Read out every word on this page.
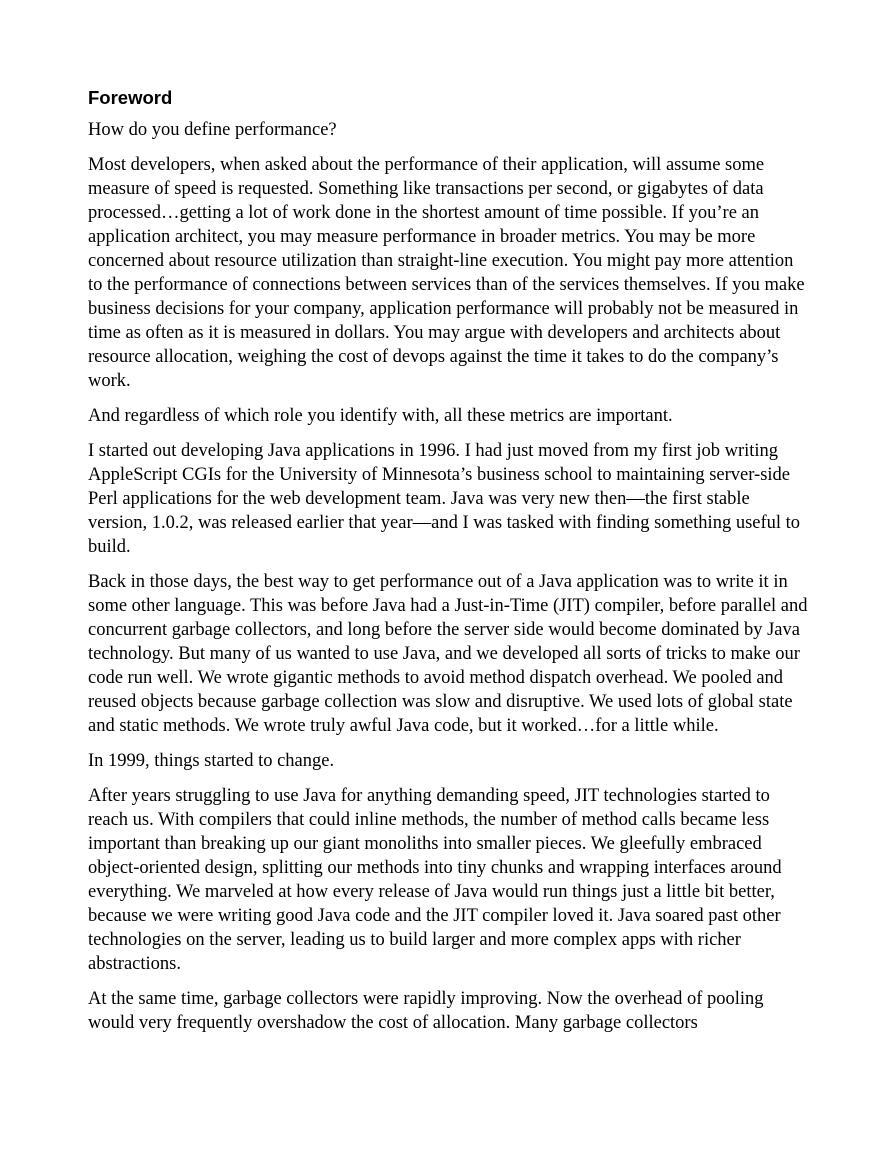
Foreword

How do you define performance?

Most developers, when asked about the performance of their application, will assume some measure of speed is requested. Something like transactions per second, or gigabytes of data processed…getting a lot of work done in the shortest amount of time possible. If you’re an application architect, you may measure performance in broader metrics. You may be more concerned about resource utilization than straight-line execution. You might pay more attention to the performance of connections between services than of the services themselves. If you make business decisions for your company, application performance will probably not be measured in time as often as it is measured in dollars. You may argue with developers and architects about resource allocation, weighing the cost of devops against the time it takes to do the company’s work.

And regardless of which role you identify with, all these metrics are important.

I started out developing Java applications in 1996. I had just moved from my first job writing AppleScript CGIs for the University of Minnesota’s business school to maintaining server-side Perl applications for the web development team. Java was very new then—the first stable version, 1.0.2, was released earlier that year—and I was tasked with finding something useful to build.

Back in those days, the best way to get performance out of a Java application was to write it in some other language. This was before Java had a Just-in-Time (JIT) compiler, before parallel and concurrent garbage collectors, and long before the server side would become dominated by Java technology. But many of us wanted to use Java, and we developed all sorts of tricks to make our code run well. We wrote gigantic methods to avoid method dispatch overhead. We pooled and reused objects because garbage collection was slow and disruptive. We used lots of global state and static methods. We wrote truly awful Java code, but it worked…for a little while.

In 1999, things started to change.

After years struggling to use Java for anything demanding speed, JIT technologies started to reach us. With compilers that could inline methods, the number of method calls became less important than breaking up our giant monoliths into smaller pieces. We gleefully embraced object-oriented design, splitting our methods into tiny chunks and wrapping interfaces around everything. We marveled at how every release of Java would run things just a little bit better, because we were writing good Java code and the JIT compiler loved it. Java soared past other technologies on the server, leading us to build larger and more complex apps with richer abstractions.

At the same time, garbage collectors were rapidly improving. Now the overhead of pooling would very frequently overshadow the cost of allocation. Many garbage collectors
